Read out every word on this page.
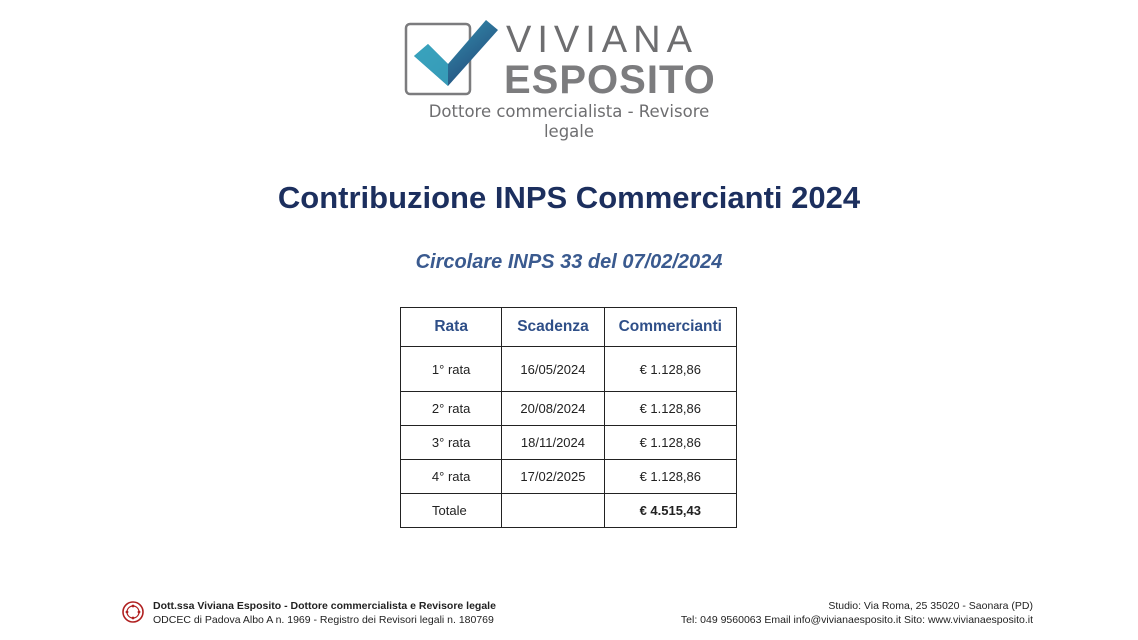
VIVIANA
ESPOSITO
Dottore commercialista - Revisore legale
Contribuzione INPS Commercianti 2024
Circolare INPS 33 del 07/02/2024
Rata	Scadenza	Commercianti
1° rata	16/05/2024	€ 1.128,86
2° rata	20/08/2024	€ 1.128,86
3° rata	18/11/2024	€ 1.128,86
4° rata	17/02/2025	€ 1.128,86
Totale		€ 4.515,43
Dott.ssa Viviana Esposito - Dottore commercialista e Revisore legale
ODCEC di Padova Albo A n. 1969 - Registro dei Revisori legali n. 180769
Studio: Via Roma, 25 35020 - Saonara (PD)
Tel: 049 9560063 Email info@vivianaesposito.it Sito: www.vivianaesposito.it
